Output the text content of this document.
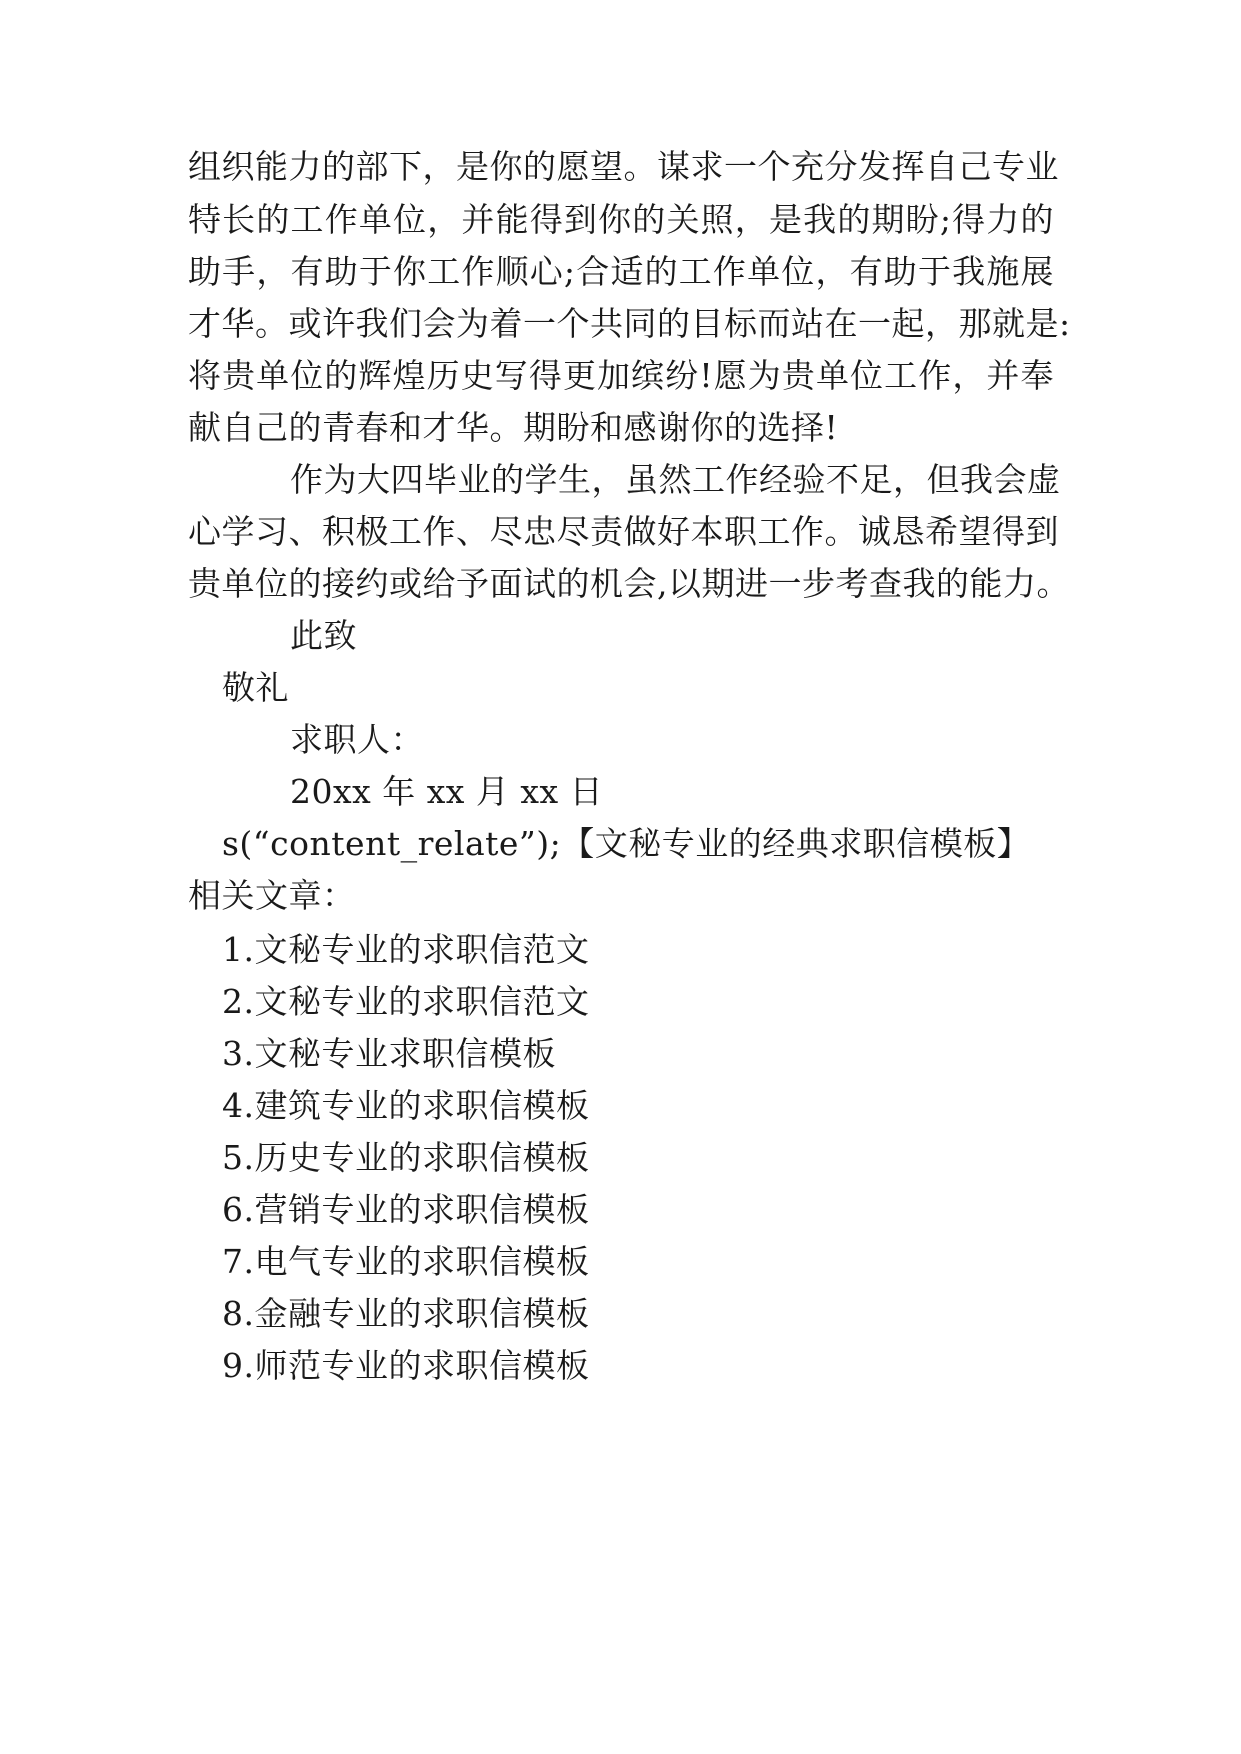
组织能力的部下，是你的愿望。谋求一个充分发挥自己专业
特长的工作单位，并能得到你的关照，是我的期盼;得力的
助手，有助于你工作顺心;合适的工作单位，有助于我施展
才华。或许我们会为着一个共同的目标而站在一起，那就是:
将贵单位的辉煌历史写得更加缤纷!愿为贵单位工作，并奉
献自己的青春和才华。期盼和感谢你的选择!
作为大四毕业的学生，虽然工作经验不足，但我会虚
心学习、积极工作、尽忠尽责做好本职工作。诚恳希望得到
贵单位的接约或给予面试的机会,以期进一步考查我的能力。
此致
敬礼
求职人：
20xx 年 xx 月 xx 日
s(“content_relate”);【文秘专业的经典求职信模板】
相关文章：
1.文秘专业的求职信范文
2.文秘专业的求职信范文
3.文秘专业求职信模板
4.建筑专业的求职信模板
5.历史专业的求职信模板
6.营销专业的求职信模板
7.电气专业的求职信模板
8.金融专业的求职信模板
9.师范专业的求职信模板
